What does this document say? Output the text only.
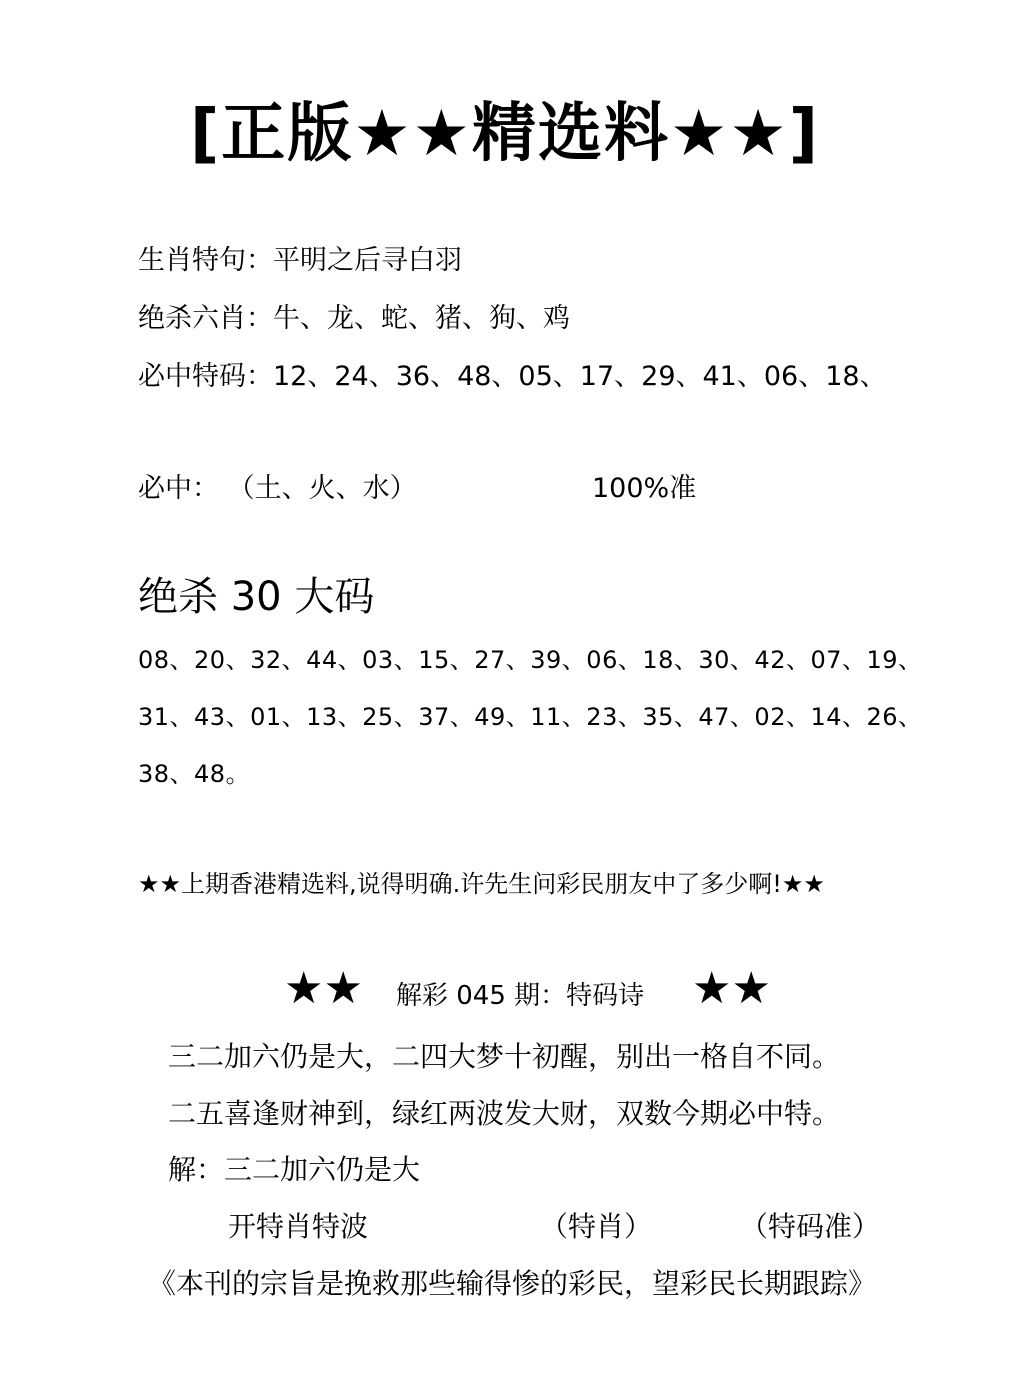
[正版★★精选料★★]
生肖特句：平明之后寻白羽
绝杀六肖：牛、龙、蛇、猪、狗、鸡
必中特码：12、24、36、48、05、17、29、41、06、18、
必中： （土、火、水）	100%准
绝杀 30 大码
08、20、32、44、03、15、27、39、06、18、30、42、07、19、
31、43、01、13、25、37、49、11、23、35、47、02、14、26、
38、48。
★★上期香港精选料,说得明确.许先生问彩民朋友中了多少啊!★★
★★ 解彩 045 期：特码诗 ★★
三二加六仍是大，二四大梦十初醒，别出一格自不同。
二五喜逢财神到，绿红两波发大财，双数今期必中特。
解：三二加六仍是大
开特肖特波	（特肖）	（特码准）
《本刊的宗旨是挽救那些输得惨的彩民，望彩民长期跟踪》
